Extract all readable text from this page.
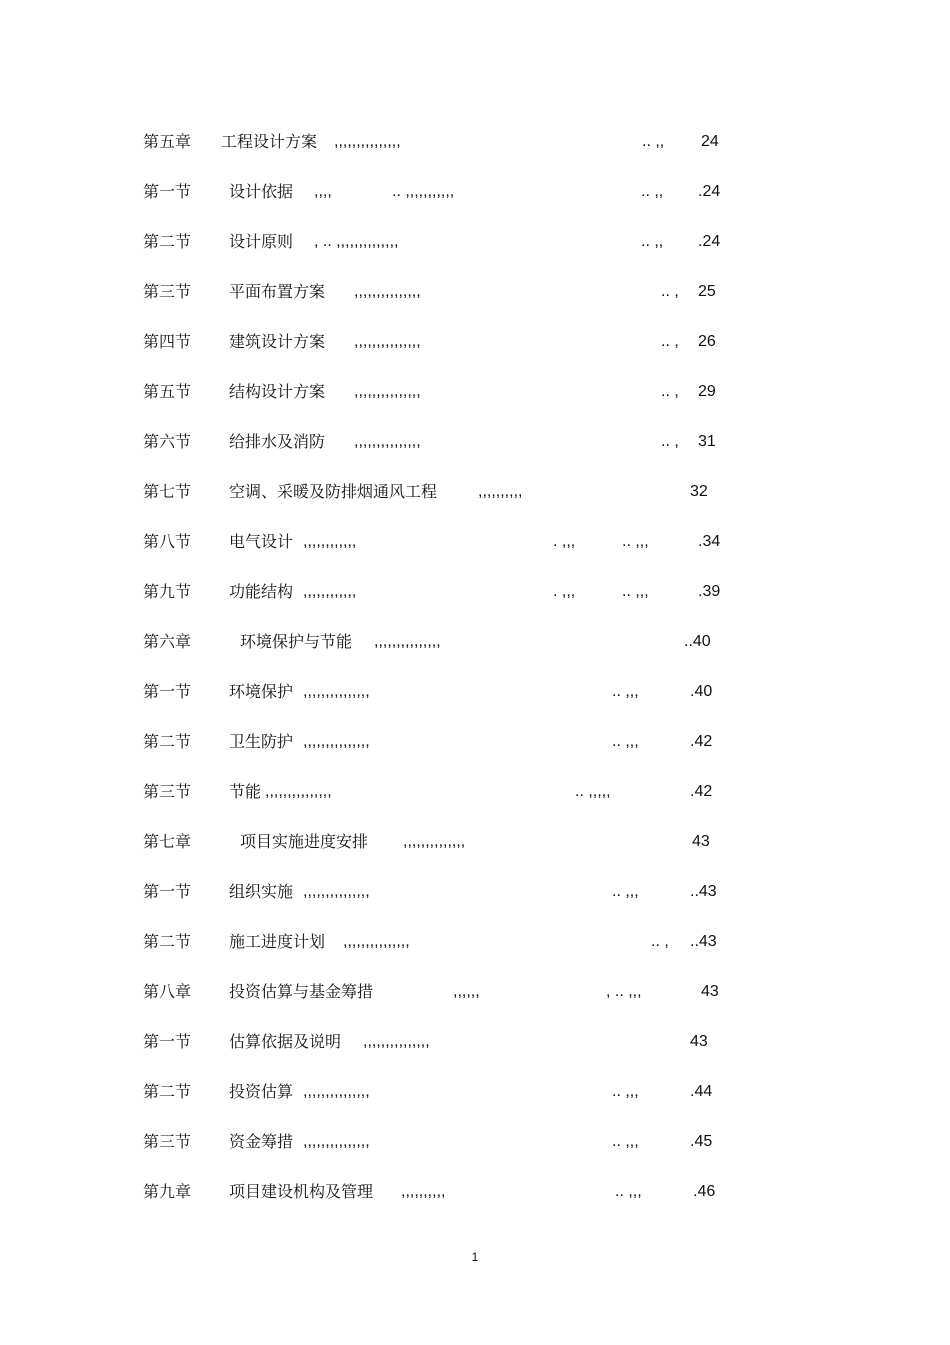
第五章 工程设计方案 ,,,,,,,,,,,,,,,	.. ,, 24
第一节 设计依据 ,,,,	.. ,,,,,,,,,,,	.. ,, .24
第二节 设计原则 , .. ,,,,,,,,,,,,,,	.. ,, .24
第三节 平面布置方案 ,,,,,,,,,,,,,,,	.. , 25
第四节 建筑设计方案 ,,,,,,,,,,,,,,,	.. , 26
第五节 结构设计方案 ,,,,,,,,,,,,,,,	.. , 29
第六节 给排水及消防 ,,,,,,,,,,,,,,,	.. , 31
第七节 空调、采暖及防排烟通风工程	,,,,,,,,,,	32
第八节 电气设计 ,,,,,,,,,,,,	. ,,,	.. ,,,	.34
第九节 功能结构 ,,,,,,,,,,,,	. ,,,	.. ,,,	.39
第六章	环境保护与节能 ,,,,,,,,,,,,,,,	..40
第一节 环境保护 ,,,,,,,,,,,,,,,	.. ,,,	.40
第二节 卫生防护 ,,,,,,,,,,,,,,,	.. ,,,	.42
第三节 节能 ,,,,,,,,,,,,,,,	.. ,,,,,	.42
第七章	项目实施进度安排 ,,,,,,,,,,,,,,	43
第一节 组织实施 ,,,,,,,,,,,,,,,	.. ,,,	..43
第二节 施工进度计划 ,,,,,,,,,,,,,,,	.. , ..43
第八章 投资估算与基金筹措	,,,,,,	, .. ,,,	43
第一节 估算依据及说明 ,,,,,,,,,,,,,,,	43
第二节 投资估算 ,,,,,,,,,,,,,,,	.. ,,,	.44
第三节 资金筹措 ,,,,,,,,,,,,,,,	.. ,,,	.45
第九章 项目建设机构及管理 ,,,,,,,,,,	.. ,,,	.46
1
